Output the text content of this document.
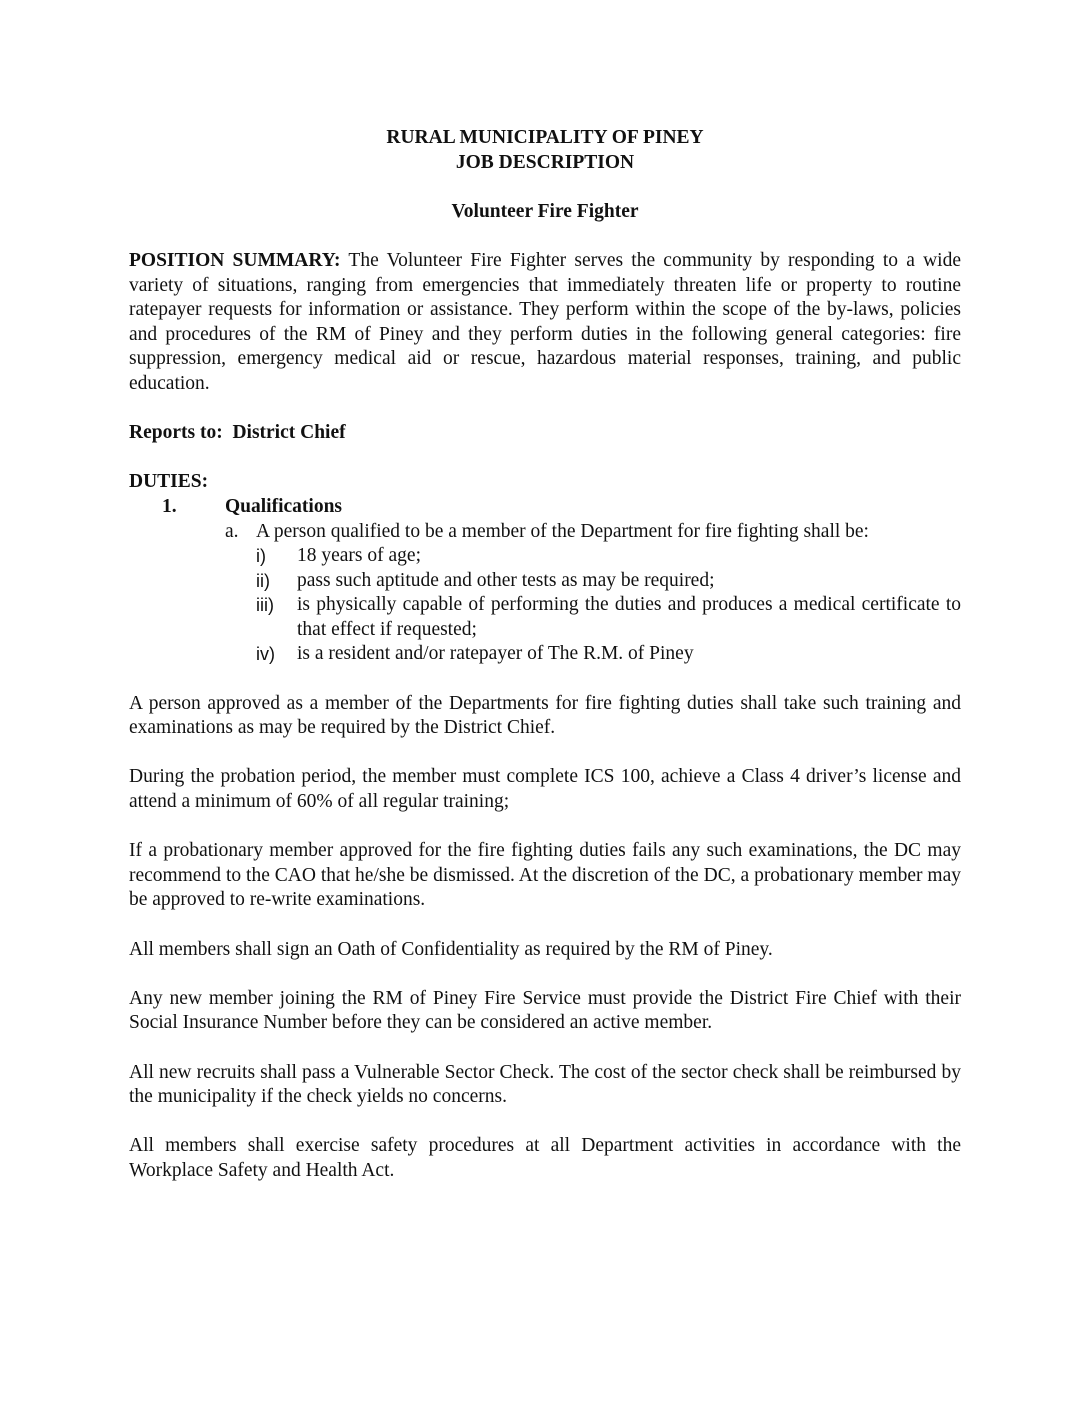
RURAL MUNICIPALITY OF PINEY

JOB DESCRIPTION

Volunteer Fire Fighter

POSITION SUMMARY: The Volunteer Fire Fighter serves the community by responding to a wide variety of situations, ranging from emergencies that immediately threaten life or property to routine ratepayer requests for information or assistance. They perform within the scope of the by-laws, policies and procedures of the RM of Piney and they perform duties in the following general categories: fire suppression, emergency medical aid or rescue, hazardous material responses, training, and public education.

Reports to: District Chief

DUTIES:

1.	Qualifications
a. A person qualified to be a member of the Department for fire fighting shall be:
i)	18 years of age;
ii)	pass such aptitude and other tests as may be required;
iii)	is physically capable of performing the duties and produces a medical certificate to that effect if requested;
iv)	is a resident and/or ratepayer of The R.M. of Piney

A person approved as a member of the Departments for fire fighting duties shall take such training and examinations as may be required by the District Chief.

During the probation period, the member must complete ICS 100, achieve a Class 4 driver’s license and attend a minimum of 60% of all regular training;

If a probationary member approved for the fire fighting duties fails any such examinations, the DC may recommend to the CAO that he/she be dismissed. At the discretion of the DC, a probationary member may be approved to re-write examinations.

All members shall sign an Oath of Confidentiality as required by the RM of Piney.

Any new member joining the RM of Piney Fire Service must provide the District Fire Chief with their Social Insurance Number before they can be considered an active member.

All new recruits shall pass a Vulnerable Sector Check. The cost of the sector check shall be reimbursed by the municipality if the check yields no concerns.

All members shall exercise safety procedures at all Department activities in accordance with the Workplace Safety and Health Act.
